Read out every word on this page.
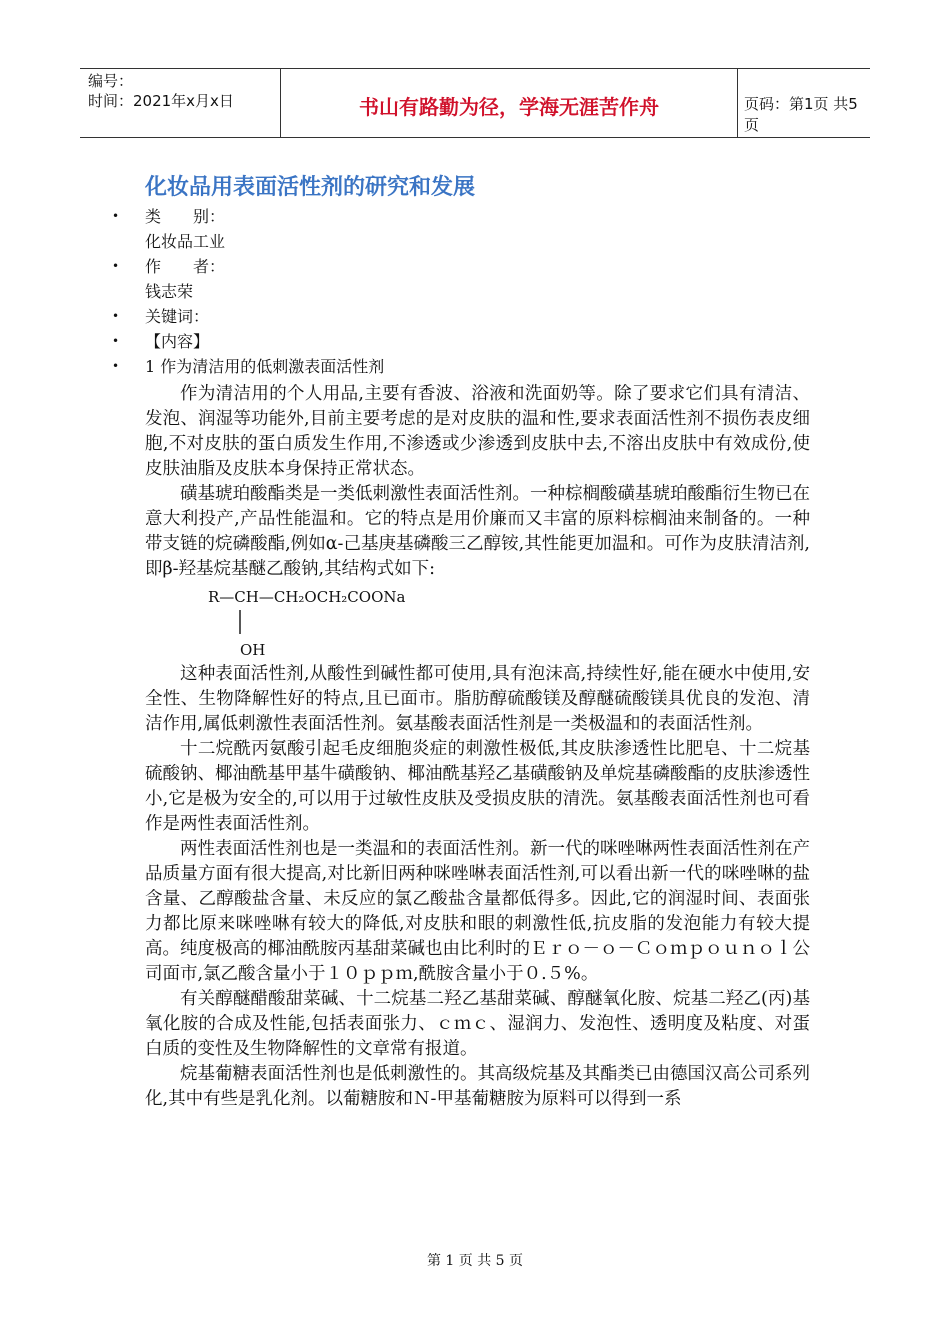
编号：
时间：2021年x月x日	书山有路勤为径，学海无涯苦作舟	页码：第1页 共5页
化妆品用表面活性剂的研究和发展
•	类　　别：
化妆品工业
•	作　　者：
钱志荣
•	关键词：
•	【内容】
•	1 作为清洁用的低刺激表面活性剂

作为清洁用的个人用品,主要有香波、浴液和洗面奶等。除了要求它们具有清洁、发泡、润湿等功能外,目前主要考虑的是对皮肤的温和性,要求表面活性剂不损伤表皮细胞,不对皮肤的蛋白质发生作用,不渗透或少渗透到皮肤中去,不溶出皮肤中有效成份,使皮肤油脂及皮肤本身保持正常状态。

磺基琥珀酸酯类是一类低刺激性表面活性剂。一种棕榈酸磺基琥珀酸酯衍生物已在意大利投产,产品性能温和。它的特点是用价廉而又丰富的原料棕榈油来制备的。一种带支链的烷磷酸酯,例如α-己基庚基磷酸三乙醇铵,其性能更加温和。可作为皮肤清洁剂,即β-羟基烷基醚乙酸钠,其结构式如下:

R—CH—CH₂OCH₂COONa
OH

这种表面活性剂,从酸性到碱性都可使用,具有泡沫高,持续性好,能在硬水中使用,安全性、生物降解性好的特点,且已面市。脂肪醇硫酸镁及醇醚硫酸镁具优良的发泡、清洁作用,属低刺激性表面活性剂。氨基酸表面活性剂是一类极温和的表面活性剂。

十二烷酰丙氨酸引起毛皮细胞炎症的刺激性极低,其皮肤渗透性比肥皂、十二烷基硫酸钠、椰油酰基甲基牛磺酸钠、椰油酰基羟乙基磺酸钠及单烷基磷酸酯的皮肤渗透性小,它是极为安全的,可以用于过敏性皮肤及受损皮肤的清洗。氨基酸表面活性剂也可看作是两性表面活性剂。

两性表面活性剂也是一类温和的表面活性剂。新一代的咪唑啉两性表面活性剂在产品质量方面有很大提高,对比新旧两种咪唑啉表面活性剂,可以看出新一代的咪唑啉的盐含量、乙醇酸盐含量、未反应的氯乙酸盐含量都低得多。因此,它的润湿时间、表面张力都比原来咪唑啉有较大的降低,对皮肤和眼的刺激性低,抗皮脂的发泡能力有较大提高。纯度极高的椰油酰胺丙基甜菜碱也由比利时的Ｅｒｏ－ｏ－Ｃｏｍｐｏｕｎｏｌ公司面市,氯乙酸含量小于１０ｐｐｍ,酰胺含量小于０.５%。

有关醇醚醋酸甜菜碱、十二烷基二羟乙基甜菜碱、醇醚氧化胺、烷基二羟乙(丙)基氧化胺的合成及性能,包括表面张力、ｃｍｃ、湿润力、发泡性、透明度及粘度、对蛋白质的变性及生物降解性的文章常有报道。

烷基葡糖表面活性剂也是低刺激性的。其高级烷基及其酯类已由德国汉高公司系列化,其中有些是乳化剂。以葡糖胺和Ｎ-甲基葡糖胺为原料可以得到一系

第 1 页 共 5 页
